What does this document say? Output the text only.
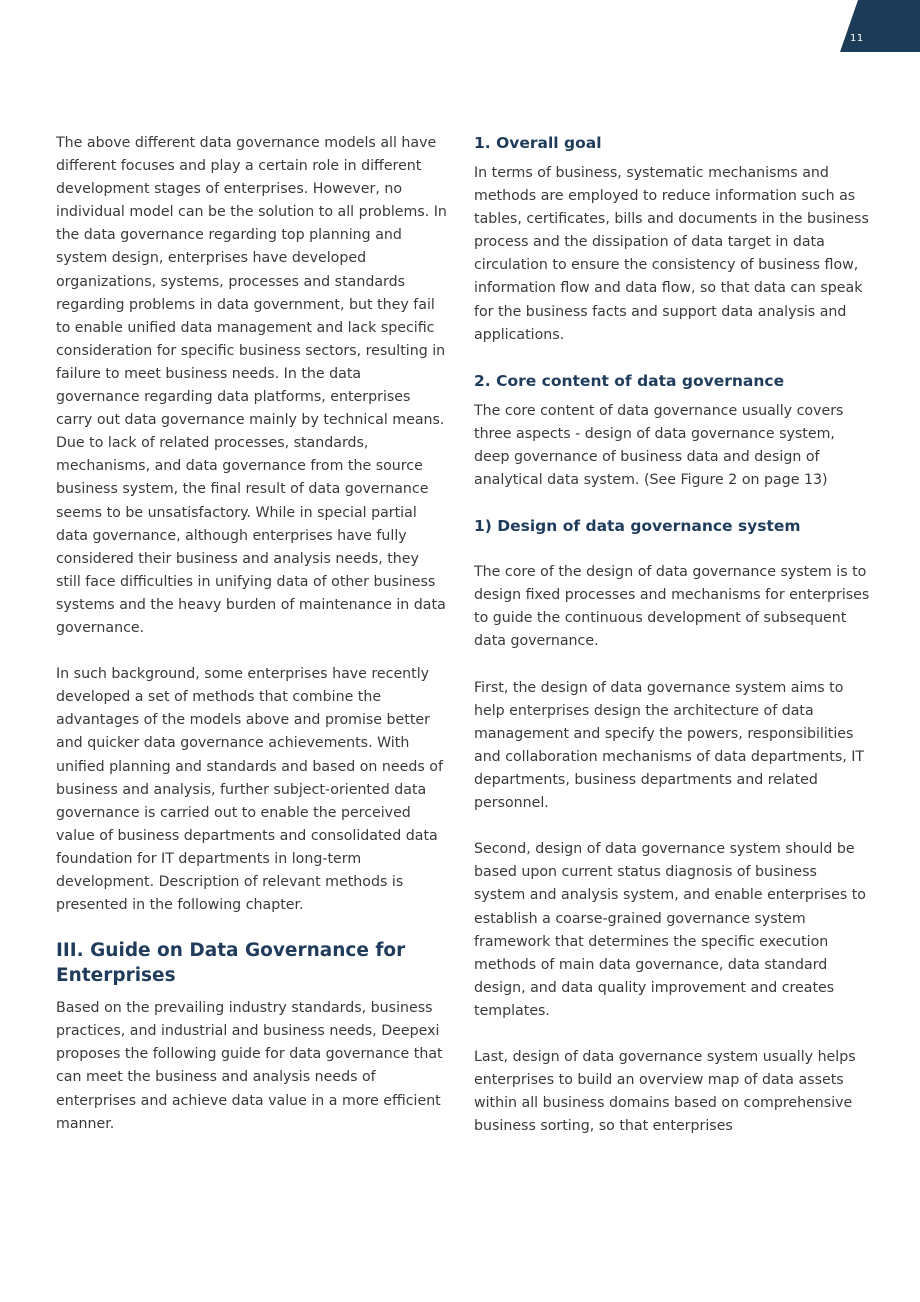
11

The above different data governance models all have different focuses and play a certain role in different development stages of enterprises. However, no individual model can be the solution to all problems. In the data governance regarding top planning and system design, enterprises have developed organizations, systems, processes and standards regarding problems in data government, but they fail to enable unified data management and lack specific consideration for specific business sectors, resulting in failure to meet business needs. In the data governance regarding data platforms, enterprises carry out data governance mainly by technical means. Due to lack of related processes, standards, mechanisms, and data governance from the source business system, the final result of data governance seems to be unsatisfactory. While in special partial data governance, although enterprises have fully considered their business and analysis needs, they still face difficulties in unifying data of other business systems and the heavy burden of maintenance in data governance.

In such background, some enterprises have recently developed a set of methods that combine the advantages of the models above and promise better and quicker data governance achievements. With unified planning and standards and based on needs of business and analysis, further subject-oriented data governance is carried out to enable the perceived value of business departments and consolidated data foundation for IT departments in long-term development. Description of relevant methods is presented in the following chapter.

III. Guide on Data Governance for Enterprises

Based on the prevailing industry standards, business practices, and industrial and business needs, Deepexi proposes the following guide for data governance that can meet the business and analysis needs of enterprises and achieve data value in a more efficient manner.

1. Overall goal

In terms of business, systematic mechanisms and methods are employed to reduce information such as tables, certificates, bills and documents in the business process and the dissipation of data target in data circulation to ensure the consistency of business flow, information flow and data flow, so that data can speak for the business facts and support data analysis and applications.

2. Core content of data governance

The core content of data governance usually covers three aspects - design of data governance system, deep governance of business data and design of analytical data system. (See Figure 2 on page 13)

1) Design of data governance system

The core of the design of data governance system is to design fixed processes and mechanisms for enterprises to guide the continuous development of subsequent data governance.

First, the design of data governance system aims to help enterprises design the architecture of data management and specify the powers, responsibilities and collaboration mechanisms of data departments, IT departments, business departments and related personnel.

Second, design of data governance system should be based upon current status diagnosis of business system and analysis system, and enable enterprises to establish a coarse-grained governance system framework that determines the specific execution methods of main data governance, data standard design, and data quality improvement and creates templates.

Last, design of data governance system usually helps enterprises to build an overview map of data assets within all business domains based on comprehensive business sorting, so that enterprises
